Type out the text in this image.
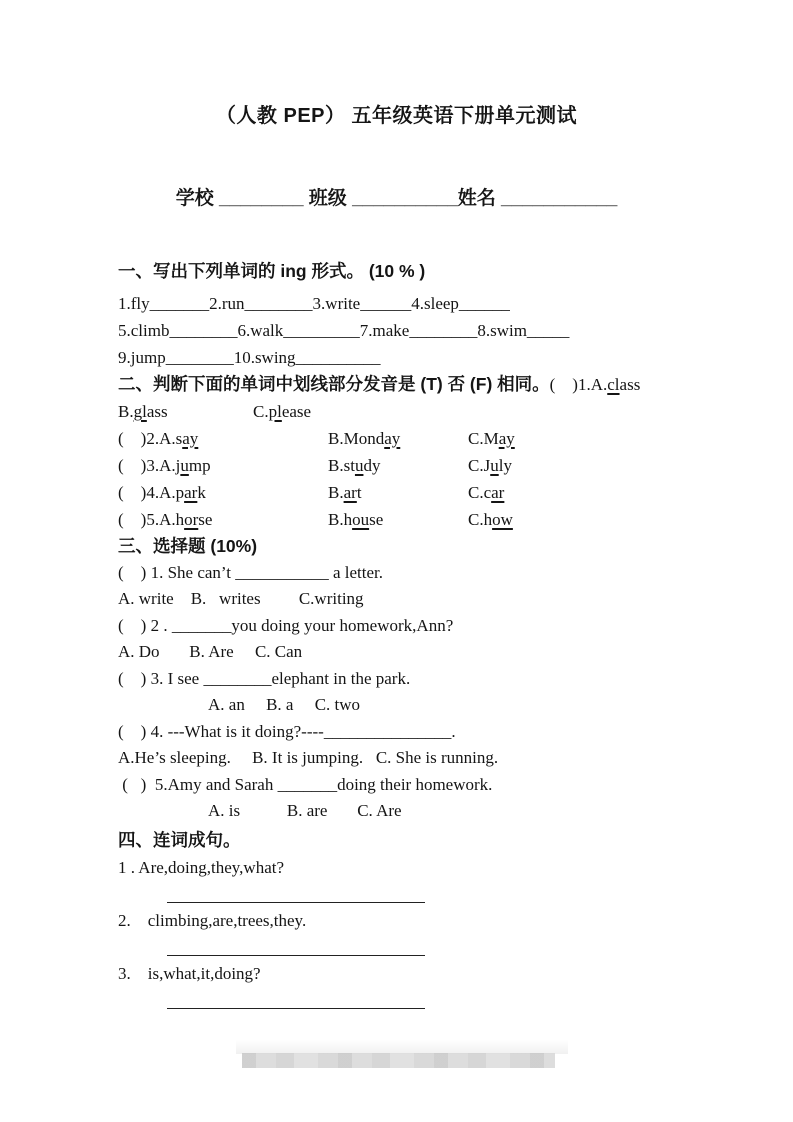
（人教 PEP） 五年级英语下册单元测试
学校 ________ 班级 __________姓名 ___________
一、写出下列单词的 ing 形式。 (10 % )
1.fly_______2.run________3.write______4.sleep______
5.climb________6.walk_________7.make________8.swim_____
9.jump________10.swing__________
二、判断下面的单词中划线部分发音是 (T) 否 (F) 相同。(    )1.A.class
B.glass	C.please
(    )2.A.say	B.Monday	C.May
(    )3.A.jump	B.study	C.July
(    )4.A.park	B.art	C.car
(    )5.A.horse	B.house	C.how
三、选择题 (10%)
(    ) 1. She can’t ___________ a letter.
A. write    B.   writes         C.writing
(    ) 2 . _______you doing your homework,Ann?
A. Do       B. Are     C. Can
(    ) 3. I see ________elephant in the park.
A. an     B. a     C. two
(    ) 4. ---What is it doing?----_______________.
A.He’s sleeping.     B. It is jumping.   C. She is running.
(   )  5.Amy and Sarah _______doing their homework.
A. is           B. are       C. Are
四、连词成句。
1 . Are,doing,they,what?
2.    climbing,are,trees,they.
3.    is,what,it,doing?
